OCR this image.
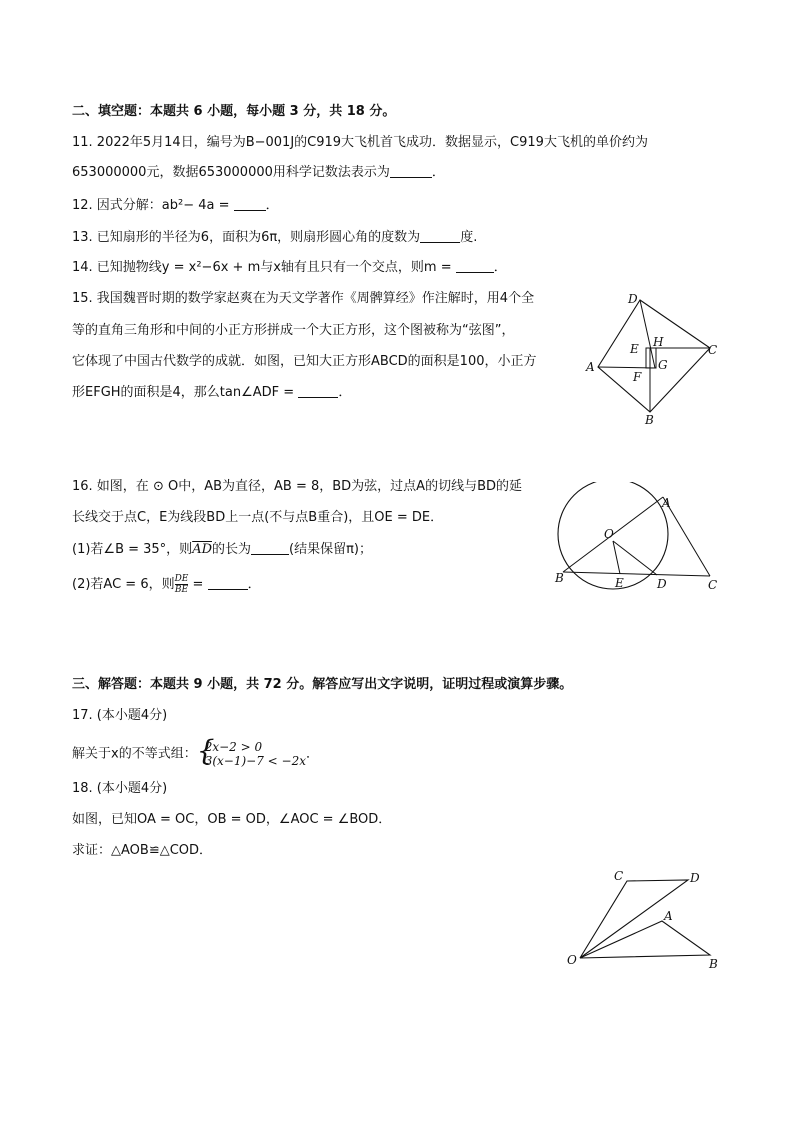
二、填空题：本题共 6 小题，每小题 3 分，共 18 分。
11. 2022年5月14日，编号为B−001J的C919大飞机首飞成功．数据显示，C919大飞机的单价约为
653000000元，数据653000000用科学记数法表示为	．
12. 因式分解：ab²− 4a =	．
13. 已知扇形的半径为6，面积为6π，则扇形圆心角的度数为	度.
14. 已知抛物线y = x²−6x + m与x轴有且只有一个交点，则m =	．
15. 我国魏晋时期的数学家赵爽在为天文学著作《周髀算经》作注解时，用4个全
等的直角三角形和中间的小正方形拼成一个大正方形，这个图被称为“弦图”，
它体现了中国古代数学的成就．如图，已知大正方形ABCD的面积是100，小正方
形EFGH的面积是4，那么tan∠ADF =	．
D
C
A
B
E H
G
F
16. 如图，在 ⊙ O中，AB为直径，AB = 8，BD为弦，过点A的切线与BD的延
长线交于点C，E为线段BD上一点(不与点B重合)，且OE = DE．
(1)若∠B = 35°，则$\overline{AD}$的长为	(结果保留π)；
(2)若AC = 6，则 $\frac{DE}{BE}$ =	．
O
A
B	E	D	C
三、解答题：本题共 9 小题，共 72 分。解答应写出文字说明，证明过程或演算步骤。
17. (本小题4分)
解关于x的不等式组： {
2x−2 > 0
3(x−1)−7 < −2x ．
18. (本小题4分)
如图，已知OA = OC，OB = OD，∠AOC = ∠BOD．
求证：△AOB≌△COD．
C	D
A
O	B
